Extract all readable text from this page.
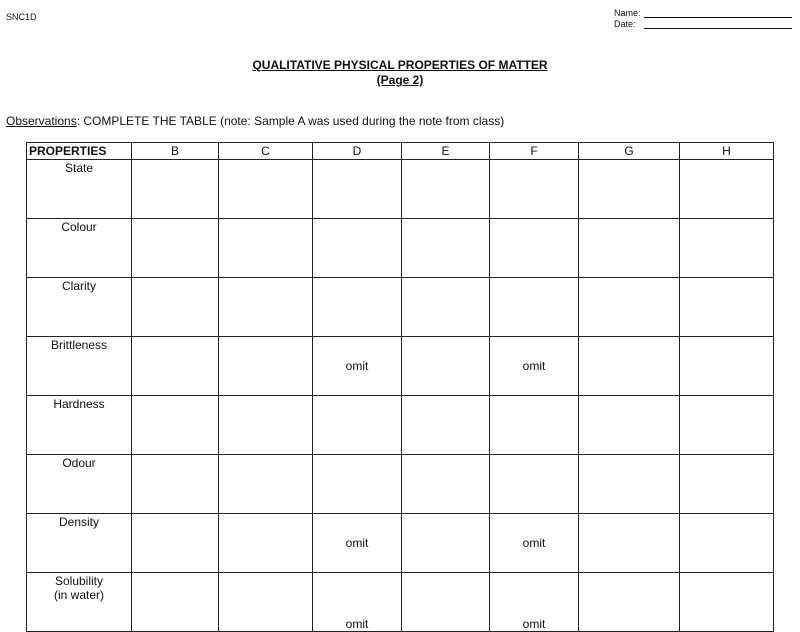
SNC1D	Name:
Date:
QUALITATIVE PHYSICAL PROPERTIES OF MATTER
(Page 2)
Observations: COMPLETE THE TABLE (note: Sample A was used during the note from class)
PROPERTIES	B	C	D	E	F	G	H
State							
Colour							
Clarity							
Brittleness			omit		omit		
Hardness							
Odour							
Density			omit		omit		
Solubility
(in water)			omit		omit		
